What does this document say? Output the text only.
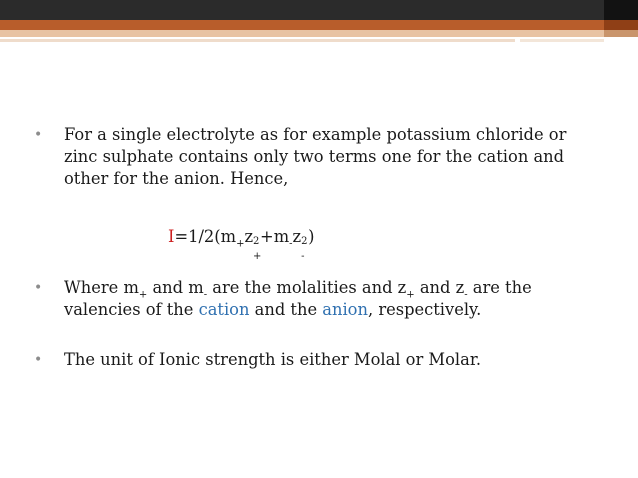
• For a single electrolyte as for example potassium chloride or
zinc sulphate contains only two terms one for the cation and
other for the anion. Hence,
$I=1/2(m_+z$ 2
+
$+m_-z$ 2
-
)
• Where $m_+$ and $m_-$ are the molalities and $z_+$ and $z_-$ are the
valencies of the cation and the anion, respectively.
• The unit of Ionic strength is either Molal or Molar.
